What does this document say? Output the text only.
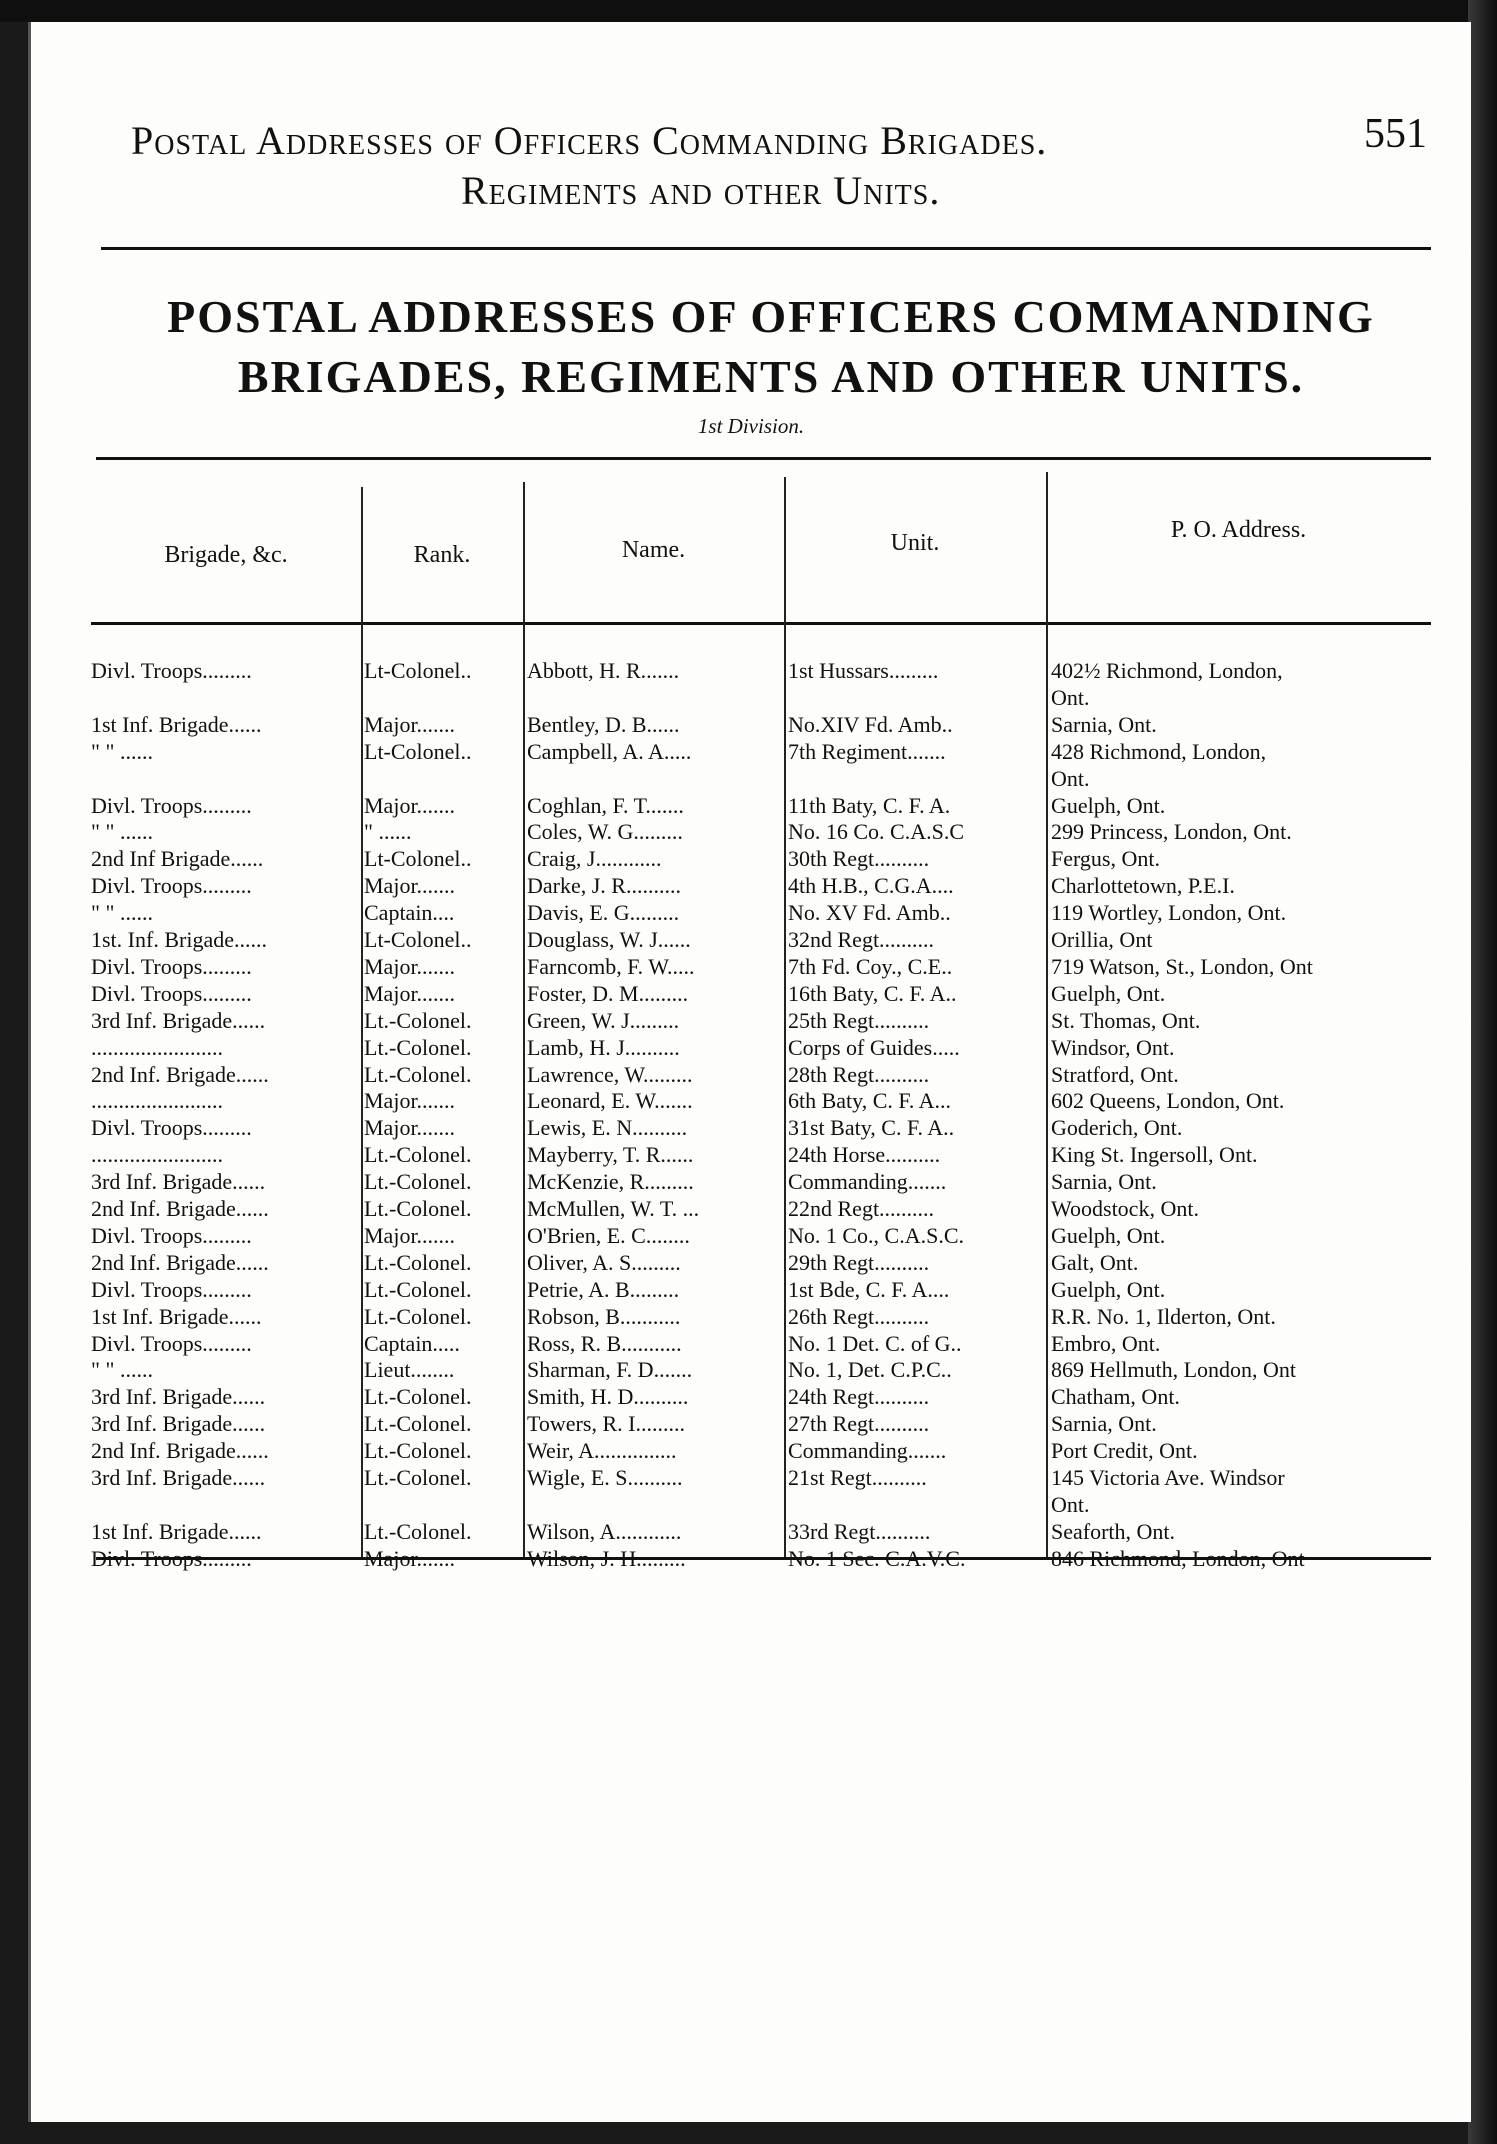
Postal Addresses of Officers Commanding Brigades.
Regiments and other Units.
551
POSTAL ADDRESSES OF OFFICERS COMMANDING
BRIGADES, REGIMENTS AND OTHER UNITS.
1st Division.
Brigade, &c.	Rank.	Name.	Unit.	P. O. Address.
Divl. Troops.........	Lt-Colonel..	Abbott, H. R.......	1st Hussars.........	402½ Richmond, London,
Ont.
1st Inf. Brigade......	Major.......	Bentley, D. B......	No.XIV Fd. Amb..	Sarnia, Ont.
" " ......	Lt-Colonel..	Campbell, A. A.....	7th Regiment.......	428 Richmond, London,
Ont.
Divl. Troops.........	Major.......	Coghlan, F. T.......	11th Baty, C. F. A.	Guelph, Ont.
" " ......	" ......	Coles, W. G.........	No. 16 Co. C.A.S.C	299 Princess, London, Ont.
2nd Inf Brigade......	Lt-Colonel..	Craig, J............	30th Regt..........	Fergus, Ont.
Divl. Troops.........	Major.......	Darke, J. R..........	4th H.B., C.G.A....	Charlottetown, P.E.I.
" " ......	Captain....	Davis, E. G.........	No. XV Fd. Amb..	119 Wortley, London, Ont.
1st. Inf. Brigade......	Lt-Colonel..	Douglass, W. J......	32nd Regt..........	Orillia, Ont
Divl. Troops.........	Major.......	Farncomb, F. W.....	7th Fd. Coy., C.E..	719 Watson, St., London, Ont
Divl. Troops.........	Major.......	Foster, D. M.........	16th Baty, C. F. A..	Guelph, Ont.
3rd Inf. Brigade......	Lt.-Colonel.	Green, W. J.........	25th Regt..........	St. Thomas, Ont.
........................	Lt.-Colonel.	Lamb, H. J..........	Corps of Guides.....	Windsor, Ont.
2nd Inf. Brigade......	Lt.-Colonel.	Lawrence, W.........	28th Regt..........	Stratford, Ont.
........................	Major.......	Leonard, E. W.......	6th Baty, C. F. A...	602 Queens, London, Ont.
Divl. Troops.........	Major.......	Lewis, E. N..........	31st Baty, C. F. A..	Goderich, Ont.
........................	Lt.-Colonel.	Mayberry, T. R......	24th Horse..........	King St. Ingersoll, Ont.
3rd Inf. Brigade......	Lt.-Colonel.	McKenzie, R.........	Commanding.......	Sarnia, Ont.
2nd Inf. Brigade......	Lt.-Colonel.	McMullen, W. T. ...	22nd Regt..........	Woodstock, Ont.
Divl. Troops.........	Major.......	O'Brien, E. C........	No. 1 Co., C.A.S.C.	Guelph, Ont.
2nd Inf. Brigade......	Lt.-Colonel.	Oliver, A. S.........	29th Regt..........	Galt, Ont.
Divl. Troops.........	Lt.-Colonel.	Petrie, A. B.........	1st Bde, C. F. A....	Guelph, Ont.
1st Inf. Brigade......	Lt.-Colonel.	Robson, B...........	26th Regt..........	R.R. No. 1, Ilderton, Ont.
Divl. Troops.........	Captain.....	Ross, R. B...........	No. 1 Det. C. of G..	Embro, Ont.
" " ......	Lieut........	Sharman, F. D.......	No. 1, Det. C.P.C..	869 Hellmuth, London, Ont
3rd Inf. Brigade......	Lt.-Colonel.	Smith, H. D..........	24th Regt..........	Chatham, Ont.
3rd Inf. Brigade......	Lt.-Colonel.	Towers, R. I.........	27th Regt..........	Sarnia, Ont.
2nd Inf. Brigade......	Lt.-Colonel.	Weir, A...............	Commanding.......	Port Credit, Ont.
3rd Inf. Brigade......	Lt.-Colonel.	Wigle, E. S..........	21st Regt..........	145 Victoria Ave. Windsor
Ont.
1st Inf. Brigade......	Lt.-Colonel.	Wilson, A............	33rd Regt..........	Seaforth, Ont.
Divl. Troops.........	Major.......	Wilson, J. H.........	No. 1 Sec. C.A.V.C.	846 Richmond, London, Ont
